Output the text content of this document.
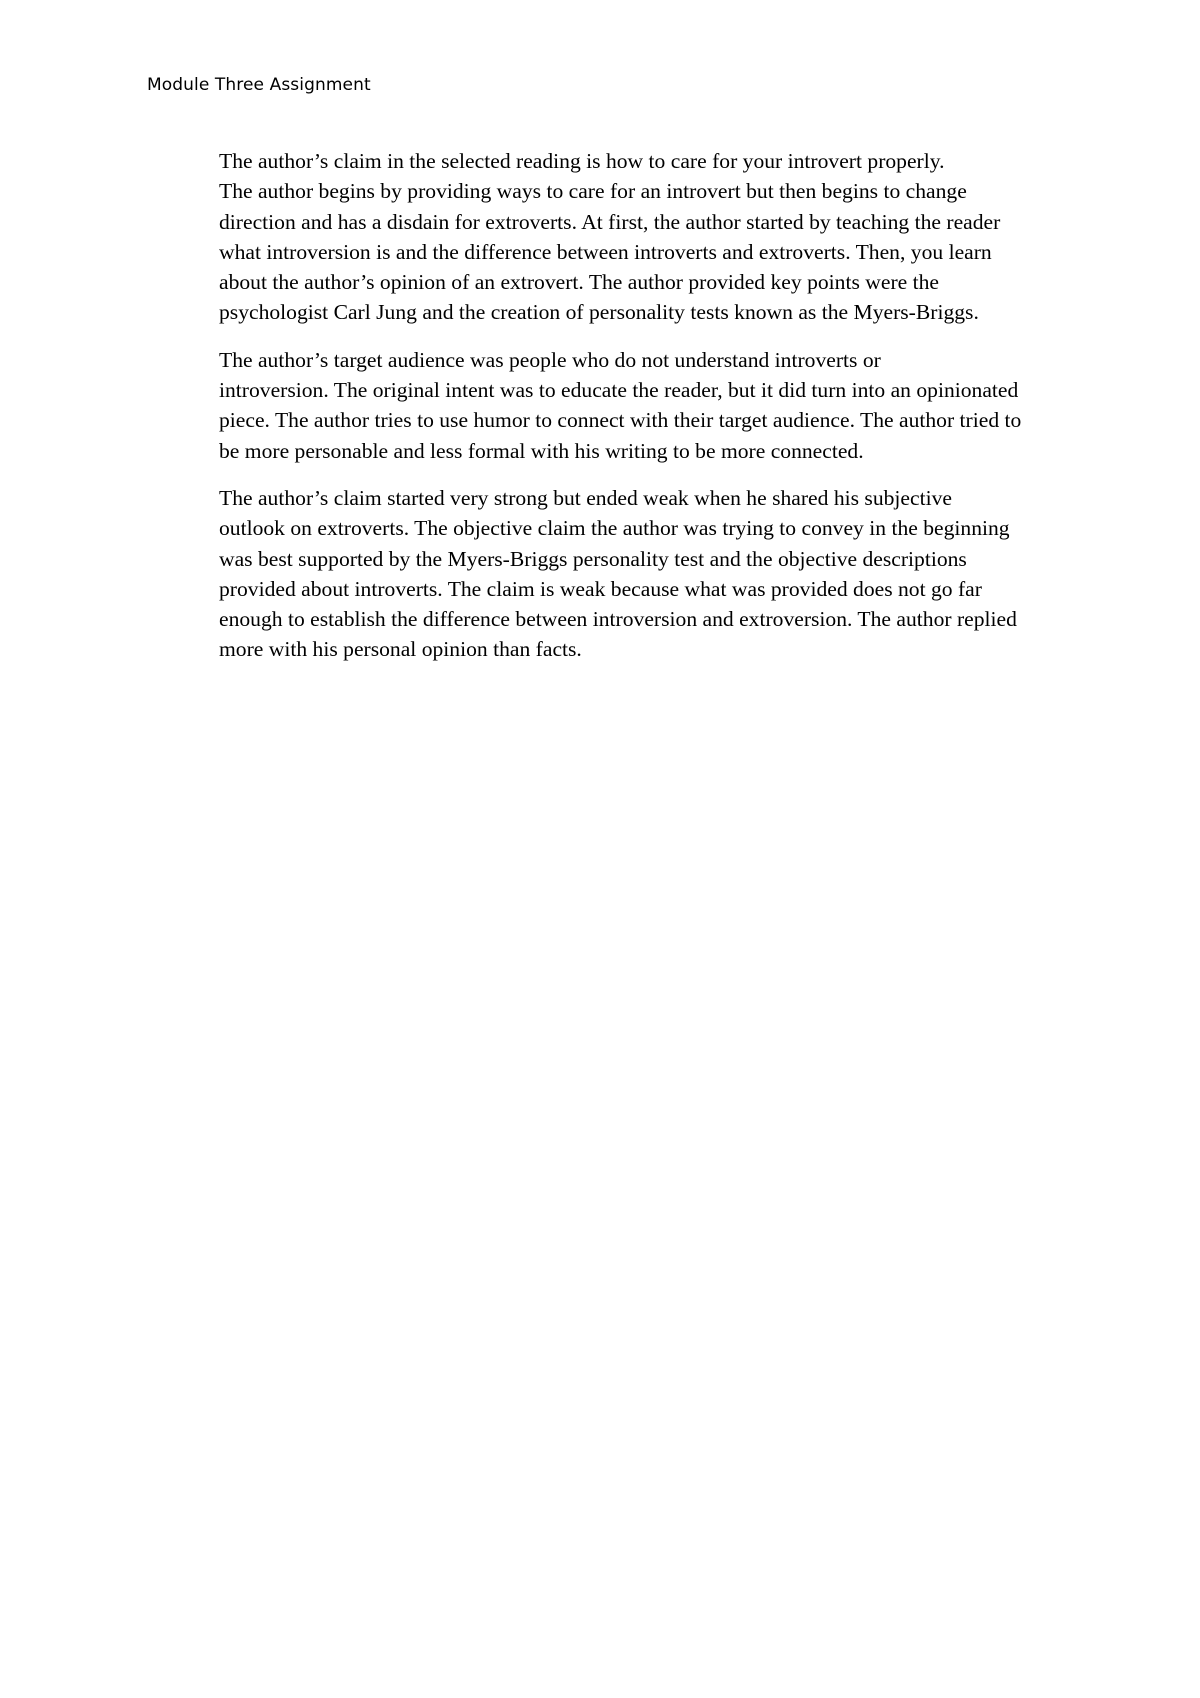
Module Three Assignment

The author’s claim in the selected reading is how to care for your introvert properly.
The author begins by providing ways to care for an introvert but then begins to change
direction and has a disdain for extroverts. At first, the author started by teaching the reader
what introversion is and the difference between introverts and extroverts. Then, you learn
about the author’s opinion of an extrovert. The author provided key points were the
psychologist Carl Jung and the creation of personality tests known as the Myers-Briggs.

The author’s target audience was people who do not understand introverts or
introversion. The original intent was to educate the reader, but it did turn into an opinionated
piece. The author tries to use humor to connect with their target audience. The author tried to
be more personable and less formal with his writing to be more connected.

The author’s claim started very strong but ended weak when he shared his subjective
outlook on extroverts. The objective claim the author was trying to convey in the beginning
was best supported by the Myers-Briggs personality test and the objective descriptions
provided about introverts. The claim is weak because what was provided does not go far
enough to establish the difference between introversion and extroversion. The author replied
more with his personal opinion than facts.
